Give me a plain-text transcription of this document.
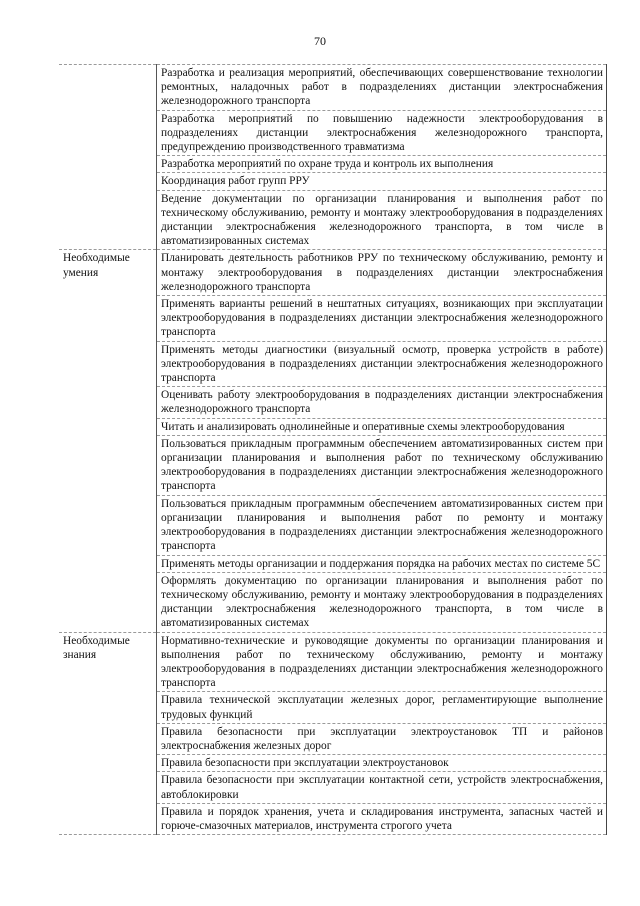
70
	Разработка и реализация мероприятий, обеспечивающих совершенствование технологии ремонтных, наладочных работ в подразделениях дистанции электроснабжения железнодорожного транспорта
	Разработка мероприятий по повышению надежности электрооборудования в подразделениях дистанции электроснабжения железнодорожного транспорта, предупреждению производственного травматизма
	Разработка мероприятий по охране труда и контроль их выполнения
	Координация работ групп РРУ
	Ведение документации по организации планирования и выполнения работ по техническому обслуживанию, ремонту и монтажу электрооборудования в подразделениях дистанции электроснабжения железнодорожного транспорта, в том числе в автоматизированных системах
Необходимые умения	Планировать деятельность работников РРУ по техническому обслуживанию, ремонту и монтажу электрооборудования в подразделениях дистанции электроснабжения железнодорожного транспорта
	Применять варианты решений в нештатных ситуациях, возникающих при эксплуатации электрооборудования в подразделениях дистанции электроснабжения железнодорожного транспорта
	Применять методы диагностики (визуальный осмотр, проверка устройств в работе) электрооборудования в подразделениях дистанции электроснабжения железнодорожного транспорта
	Оценивать работу электрооборудования в подразделениях дистанции электроснабжения железнодорожного транспорта
	Читать и анализировать однолинейные и оперативные схемы электрооборудования
	Пользоваться прикладным программным обеспечением автоматизированных систем при организации планирования и выполнения работ по техническому обслуживанию электрооборудования в подразделениях дистанции электроснабжения железнодорожного транспорта
	Пользоваться прикладным программным обеспечением автоматизированных систем при организации планирования и выполнения работ по ремонту и монтажу электрооборудования в подразделениях дистанции электроснабжения железнодорожного транспорта
	Применять методы организации и поддержания порядка на рабочих местах по системе 5С
	Оформлять документацию по организации планирования и выполнения работ по техническому обслуживанию, ремонту и монтажу электрооборудования в подразделениях дистанции электроснабжения железнодорожного транспорта, в том числе в автоматизированных системах
Необходимые знания	Нормативно-технические и руководящие документы по организации планирования и выполнения работ по техническому обслуживанию, ремонту и монтажу электрооборудования в подразделениях дистанции электроснабжения железнодорожного транспорта
	Правила технической эксплуатации железных дорог, регламентирующие выполнение трудовых функций
	Правила безопасности при эксплуатации электроустановок ТП и районов электроснабжения железных дорог
	Правила безопасности при эксплуатации электроустановок
	Правила безопасности при эксплуатации контактной сети, устройств электроснабжения, автоблокировки
	Правила и порядок хранения, учета и складирования инструмента, запасных частей и горюче-смазочных материалов, инструмента строгого учета
